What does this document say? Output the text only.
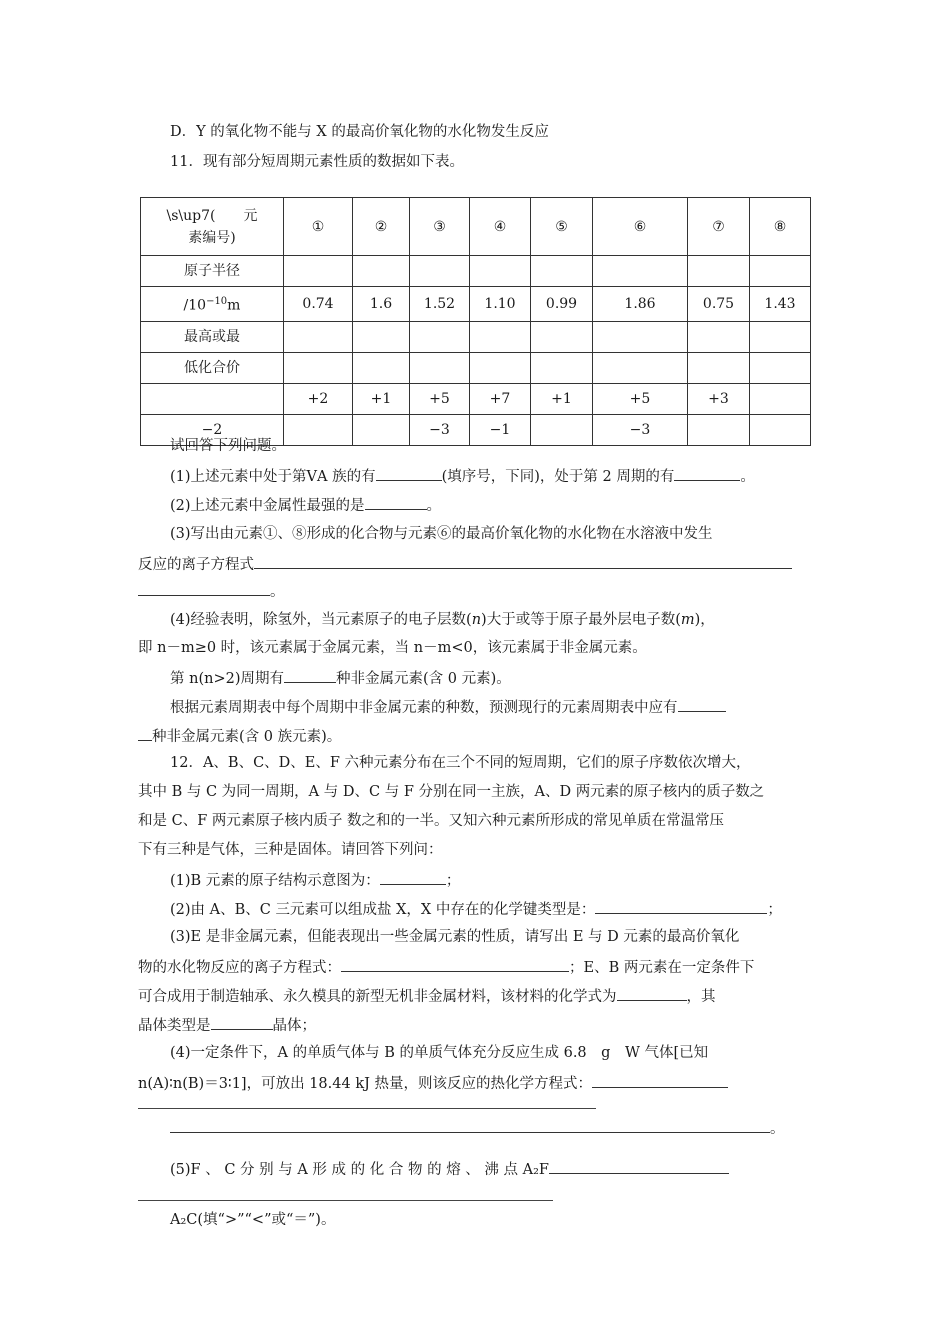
D．Y 的氧化物不能与 X 的最高价氧化物的水化物发生反应
11．现有部分短周期元素性质的数据如下表。
\s\up7(　　元
素编号)	①	②	③	④	⑤	⑥	⑦	⑧

原子半径								
$/10^{-10}m$	0.74	1.6	1.52	1.10	0.99	1.86	0.75	1.43
最高或最								
低化合价								
	+2	+1	+5	+7	+1	+5	+3	
−2			−3	−1		−3		
试回答下列问题。
(1)上述元素中处于第ⅤA 族的有	(填序号，下同)，处于第 2 周期的有	。
(2)上述元素中金属性最强的是	。
(3)写出由元素①、⑧形成的化合物与元素⑥的最高价氧化物的水化物在水溶液中发生
反应的离子方程式
。
(4)经验表明，除氢外，当元素原子的电子层数(n)大于或等于原子最外层电子数(m)，
即 n－m≥0 时，该元素属于金属元素，当 n－m<0，该元素属于非金属元素。
第 n(n>2)周期有	种非金属元素(含 0 元素)。
根据元素周期表中每个周期中非金属元素的种数，预测现行的元素周期表中应有
种非金属元素(含 0 族元素)。
12．A、B、C、D、E、F 六种元素分布在三个不同的短周期，它们的原子序数依次增大，
其中 B 与 C 为同一周期，A 与 D、C 与 F 分别在同一主族，A、D 两元素的原子核内的质子数之
和是 C、F 两元素原子核内质子 数之和的一半。又知六种元素所形成的常见单质在常温常压
下有三种是气体，三种是固体。请回答下列问：
(1)B 元素的原子结构示意图为：	；
(2)由 A、B、C 三元素可以组成盐 X，X 中存在的化学键类型是：	；
(3)E 是非金属元素，但能表现出一些金属元素的性质，请写出 E 与 D 元素的最高价氧化
物的水化物反应的离子方程式：	；E、B 两元素在一定条件下
可合成用于制造轴承、永久模具的新型无机非金属材料，该材料的化学式为	，其
晶体类型是	晶体；
(4)一定条件下，A 的单质气体与 B 的单质气体充分反应生成 6.8　g　W 气体[已知
n(A)∶n(B)＝3∶1]，可放出 18.44 kJ 热量，则该反应的热化学方程式：
。
(5)F 、 C 分 别 与 A 形 成 的 化 合 物 的 熔 、 沸 点 A₂F
A₂C(填“>”“<”或“＝”)。
